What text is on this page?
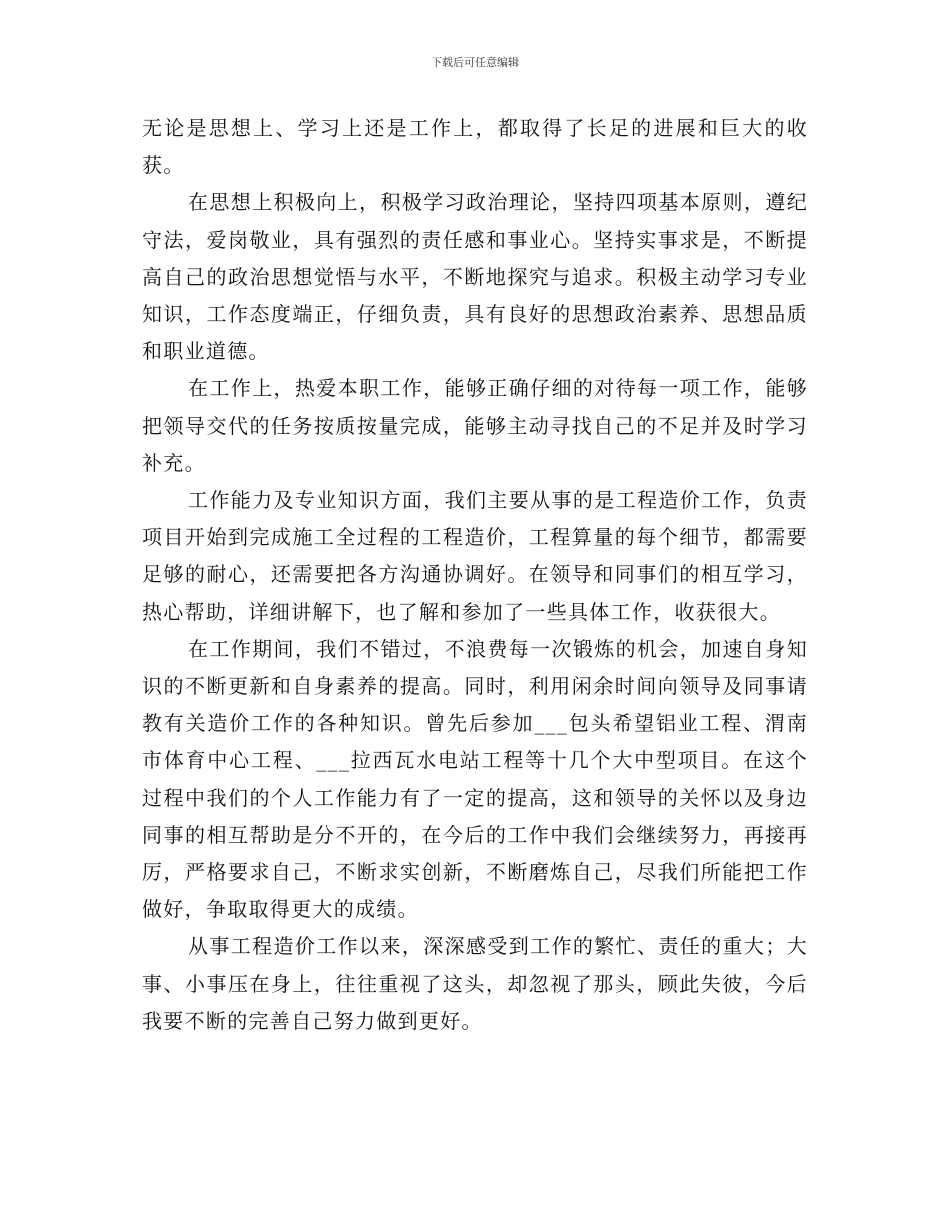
下载后可任意编辑

无论是思想上、学习上还是工作上，都取得了长足的进展和巨大的收获。

在思想上积极向上，积极学习政治理论，坚持四项基本原则，遵纪守法，爱岗敬业，具有强烈的责任感和事业心。坚持实事求是，不断提高自己的政治思想觉悟与水平，不断地探究与追求。积极主动学习专业知识，工作态度端正，仔细负责，具有良好的思想政治素养、思想品质和职业道德。

在工作上，热爱本职工作，能够正确仔细的对待每一项工作，能够把领导交代的任务按质按量完成，能够主动寻找自己的不足并及时学习补充。

工作能力及专业知识方面，我们主要从事的是工程造价工作，负责项目开始到完成施工全过程的工程造价，工程算量的每个细节，都需要足够的耐心，还需要把各方沟通协调好。在领导和同事们的相互学习，热心帮助，详细讲解下，也了解和参加了一些具体工作，收获很大。

在工作期间，我们不错过，不浪费每一次锻炼的机会，加速自身知识的不断更新和自身素养的提高。同时，利用闲余时间向领导及同事请教有关造价工作的各种知识。曾先后参加___包头希望铝业工程、渭南市体育中心工程、___拉西瓦水电站工程等十几个大中型项目。在这个过程中我们的个人工作能力有了一定的提高，这和领导的关怀以及身边同事的相互帮助是分不开的，在今后的工作中我们会继续努力，再接再厉，严格要求自己，不断求实创新，不断磨炼自己，尽我们所能把工作做好，争取取得更大的成绩。

从事工程造价工作以来，深深感受到工作的繁忙、责任的重大；大事、小事压在身上，往往重视了这头，却忽视了那头，顾此失彼，今后我要不断的完善自己努力做到更好。
